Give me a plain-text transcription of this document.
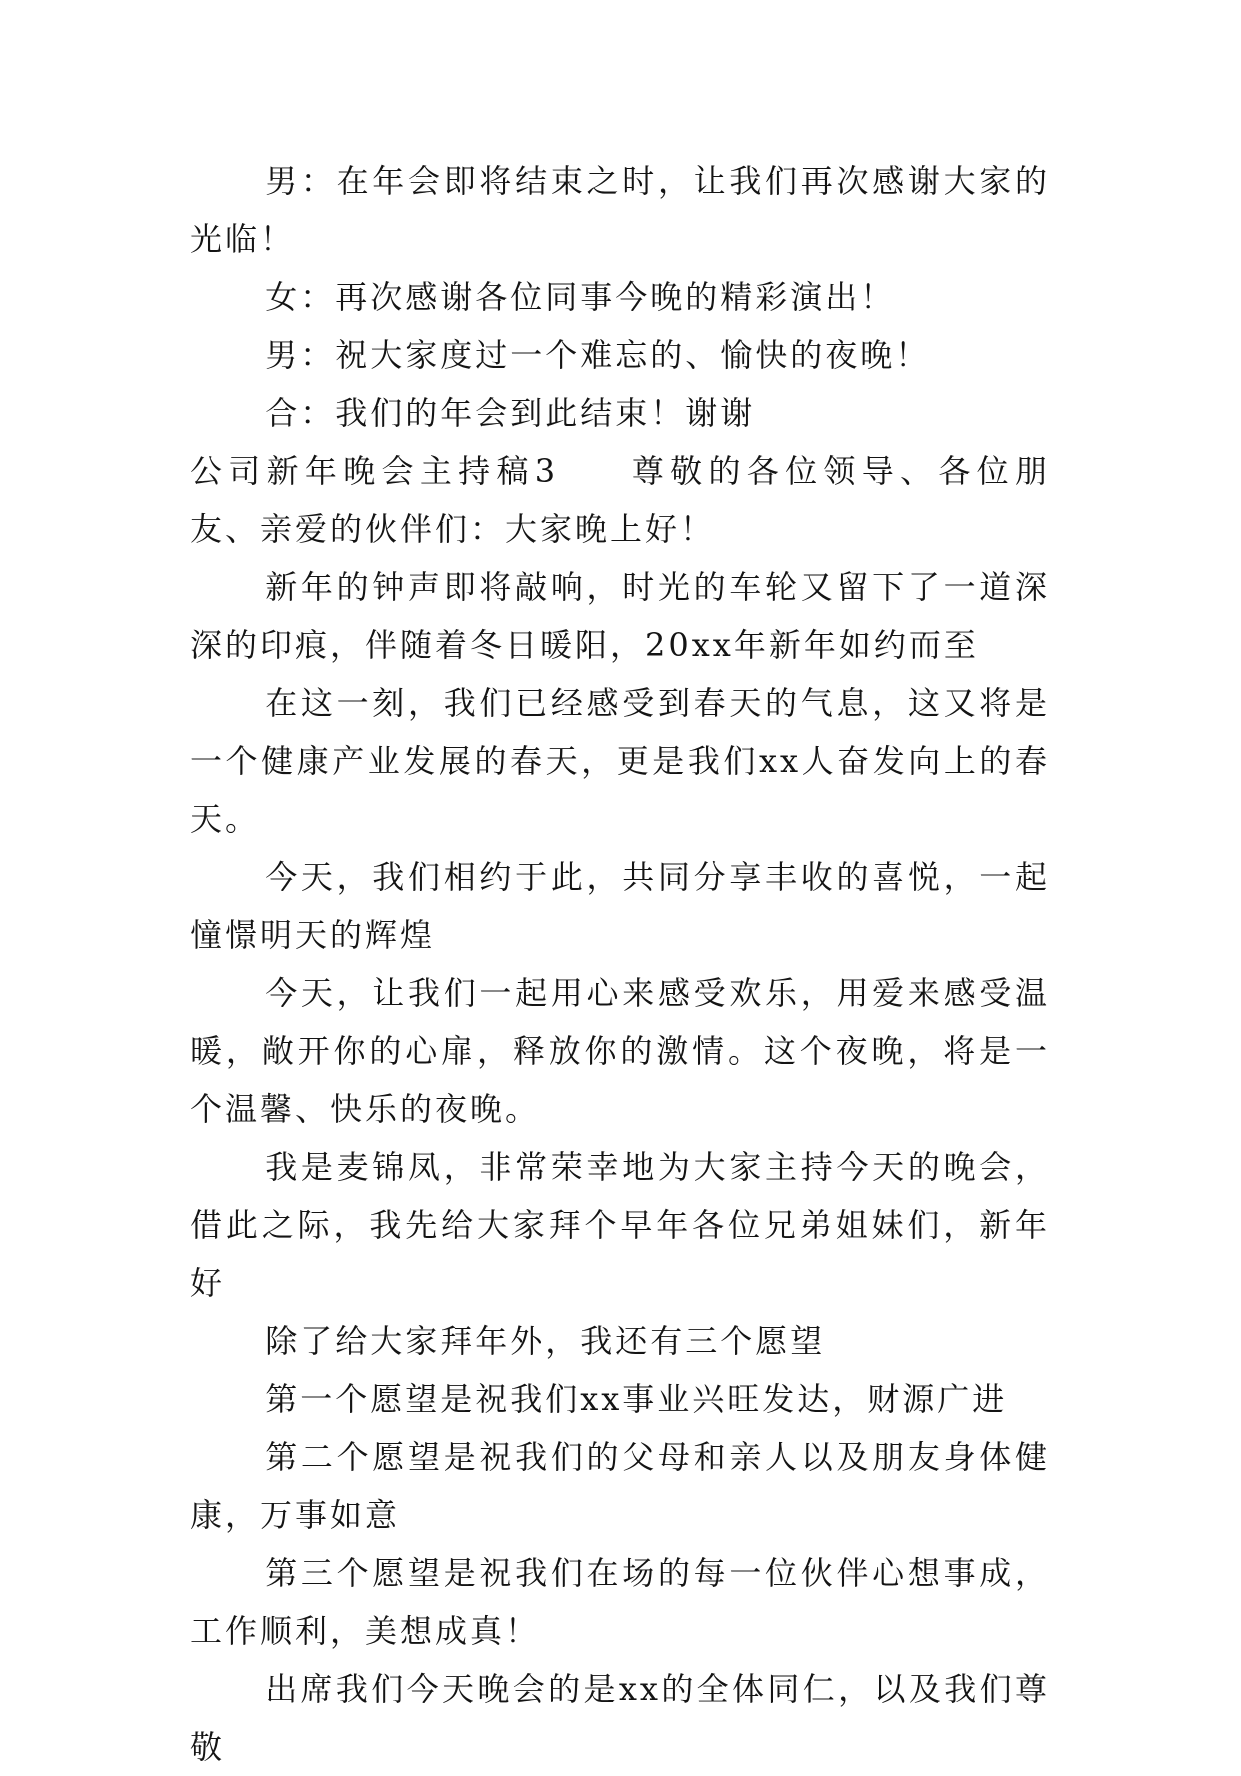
男：在年会即将结束之时，让我们再次感谢大家的光临！

女：再次感谢各位同事今晚的精彩演出！

男：祝大家度过一个难忘的、愉快的夜晚！

合：我们的年会到此结束！谢谢

公司新年晚会主持稿3 尊敬的各位领导、各位朋友、亲爱的伙伴们：大家晚上好！

新年的钟声即将敲响，时光的车轮又留下了一道深深的印痕，伴随着冬日暖阳，20xx年新年如约而至

在这一刻，我们已经感受到春天的气息，这又将是一个健康产业发展的春天，更是我们xx人奋发向上的春天。

今天，我们相约于此，共同分享丰收的喜悦，一起憧憬明天的辉煌

今天，让我们一起用心来感受欢乐，用爱来感受温暖，敞开你的心扉，释放你的激情。这个夜晚，将是一个温馨、快乐的夜晚。

我是麦锦凤，非常荣幸地为大家主持今天的晚会，借此之际，我先给大家拜个早年各位兄弟姐妹们，新年好

除了给大家拜年外，我还有三个愿望

第一个愿望是祝我们xx事业兴旺发达，财源广进

第二个愿望是祝我们的父母和亲人以及朋友身体健康，万事如意

第三个愿望是祝我们在场的每一位伙伴心想事成，工作顺利，美想成真！

出席我们今天晚会的是xx的全体同仁，以及我们尊敬
